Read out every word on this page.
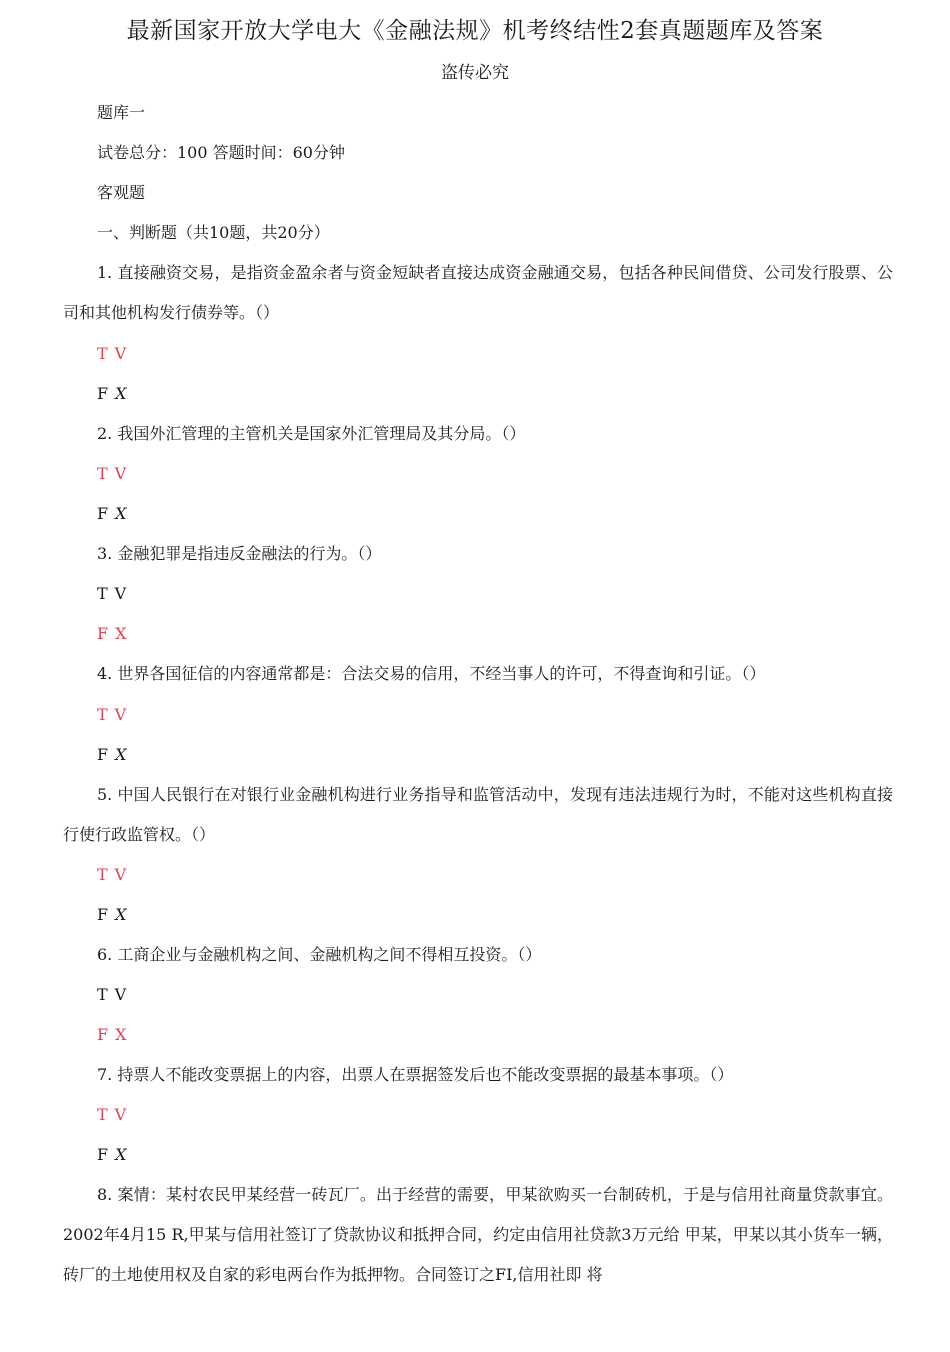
最新国家开放大学电大《金融法规》机考终结性2套真题题库及答案
盗传必究
题库一
试卷总分：100 答题时间：60分钟
客观题
一、判断题（共10题，共20分）
1. 直接融资交易，是指资金盈余者与资金短缺者直接达成资金融通交易，包括各种民间借贷、公司发行股票、公司和其他机构发行债券等。（）
T V
F X
2. 我国外汇管理的主管机关是国家外汇管理局及其分局。（）
T V
F X
3. 金融犯罪是指违反金融法的行为。（）
T V
F X
4. 世界各国征信的内容通常都是：合法交易的信用，不经当事人的许可，不得查询和引证。（）
T V
F X
5. 中国人民银行在对银行业金融机构进行业务指导和监管活动中，发现有违法违规行为时，不能对这些机构直接行使行政监管权。（）
T V
F X
6. 工商企业与金融机构之间、金融机构之间不得相互投资。（）
T V
F X
7. 持票人不能改变票据上的内容，出票人在票据签发后也不能改变票据的最基本事项。（）
T V
F X
8. 案情：某村农民甲某经营一砖瓦厂。出于经营的需要，甲某欲购买一台制砖机，于是与信用社商量贷款事宜。2002年4月15 R,甲某与信用社签订了贷款协议和抵押合同，约定由信用社贷款3万元给 甲某，甲某以其小货车一辆，砖厂的土地使用权及自家的彩电两台作为抵押物。合同签订之FI,信用社即 将
